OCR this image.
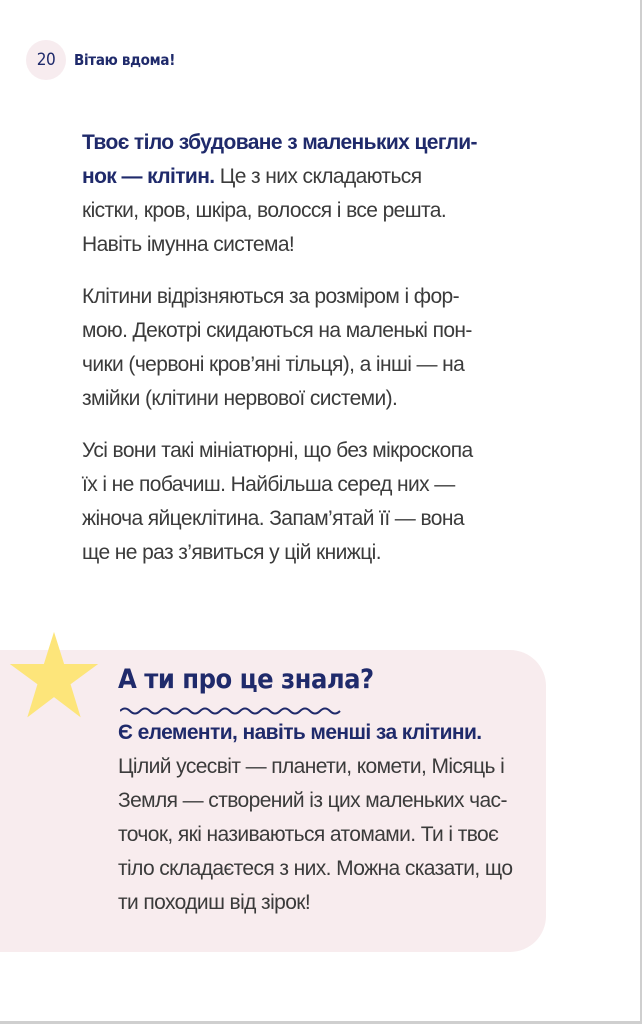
20	Вітаю вдома!

Твоє тіло збудоване з маленьких цегли-нок — клітин. Це з них складаються кістки, кров, шкіра, волосся і все решта. Навіть імунна система!

Клітини відрізняються за розміром і фор-мою. Декотрі скидаються на маленькі пон-чики (червоні кров’яні тільця), а інші — на змійки (клітини нервової системи).

Усі вони такі мініатюрні, що без мікроскопа їх і не побачиш. Найбільша серед них — жіноча яйцеклітина. Запам’ятай її — вона ще не раз з’явиться у цій книжці.

А ти про це знала?

Є елементи, навіть менші за клітини.

Цілий усесвіт — планети, комети, Місяць і Земля — створений із цих маленьких час-точок, які називаються атомами. Ти і твоє тіло складаєтеся з них. Можна сказати, що ти походиш від зірок!
